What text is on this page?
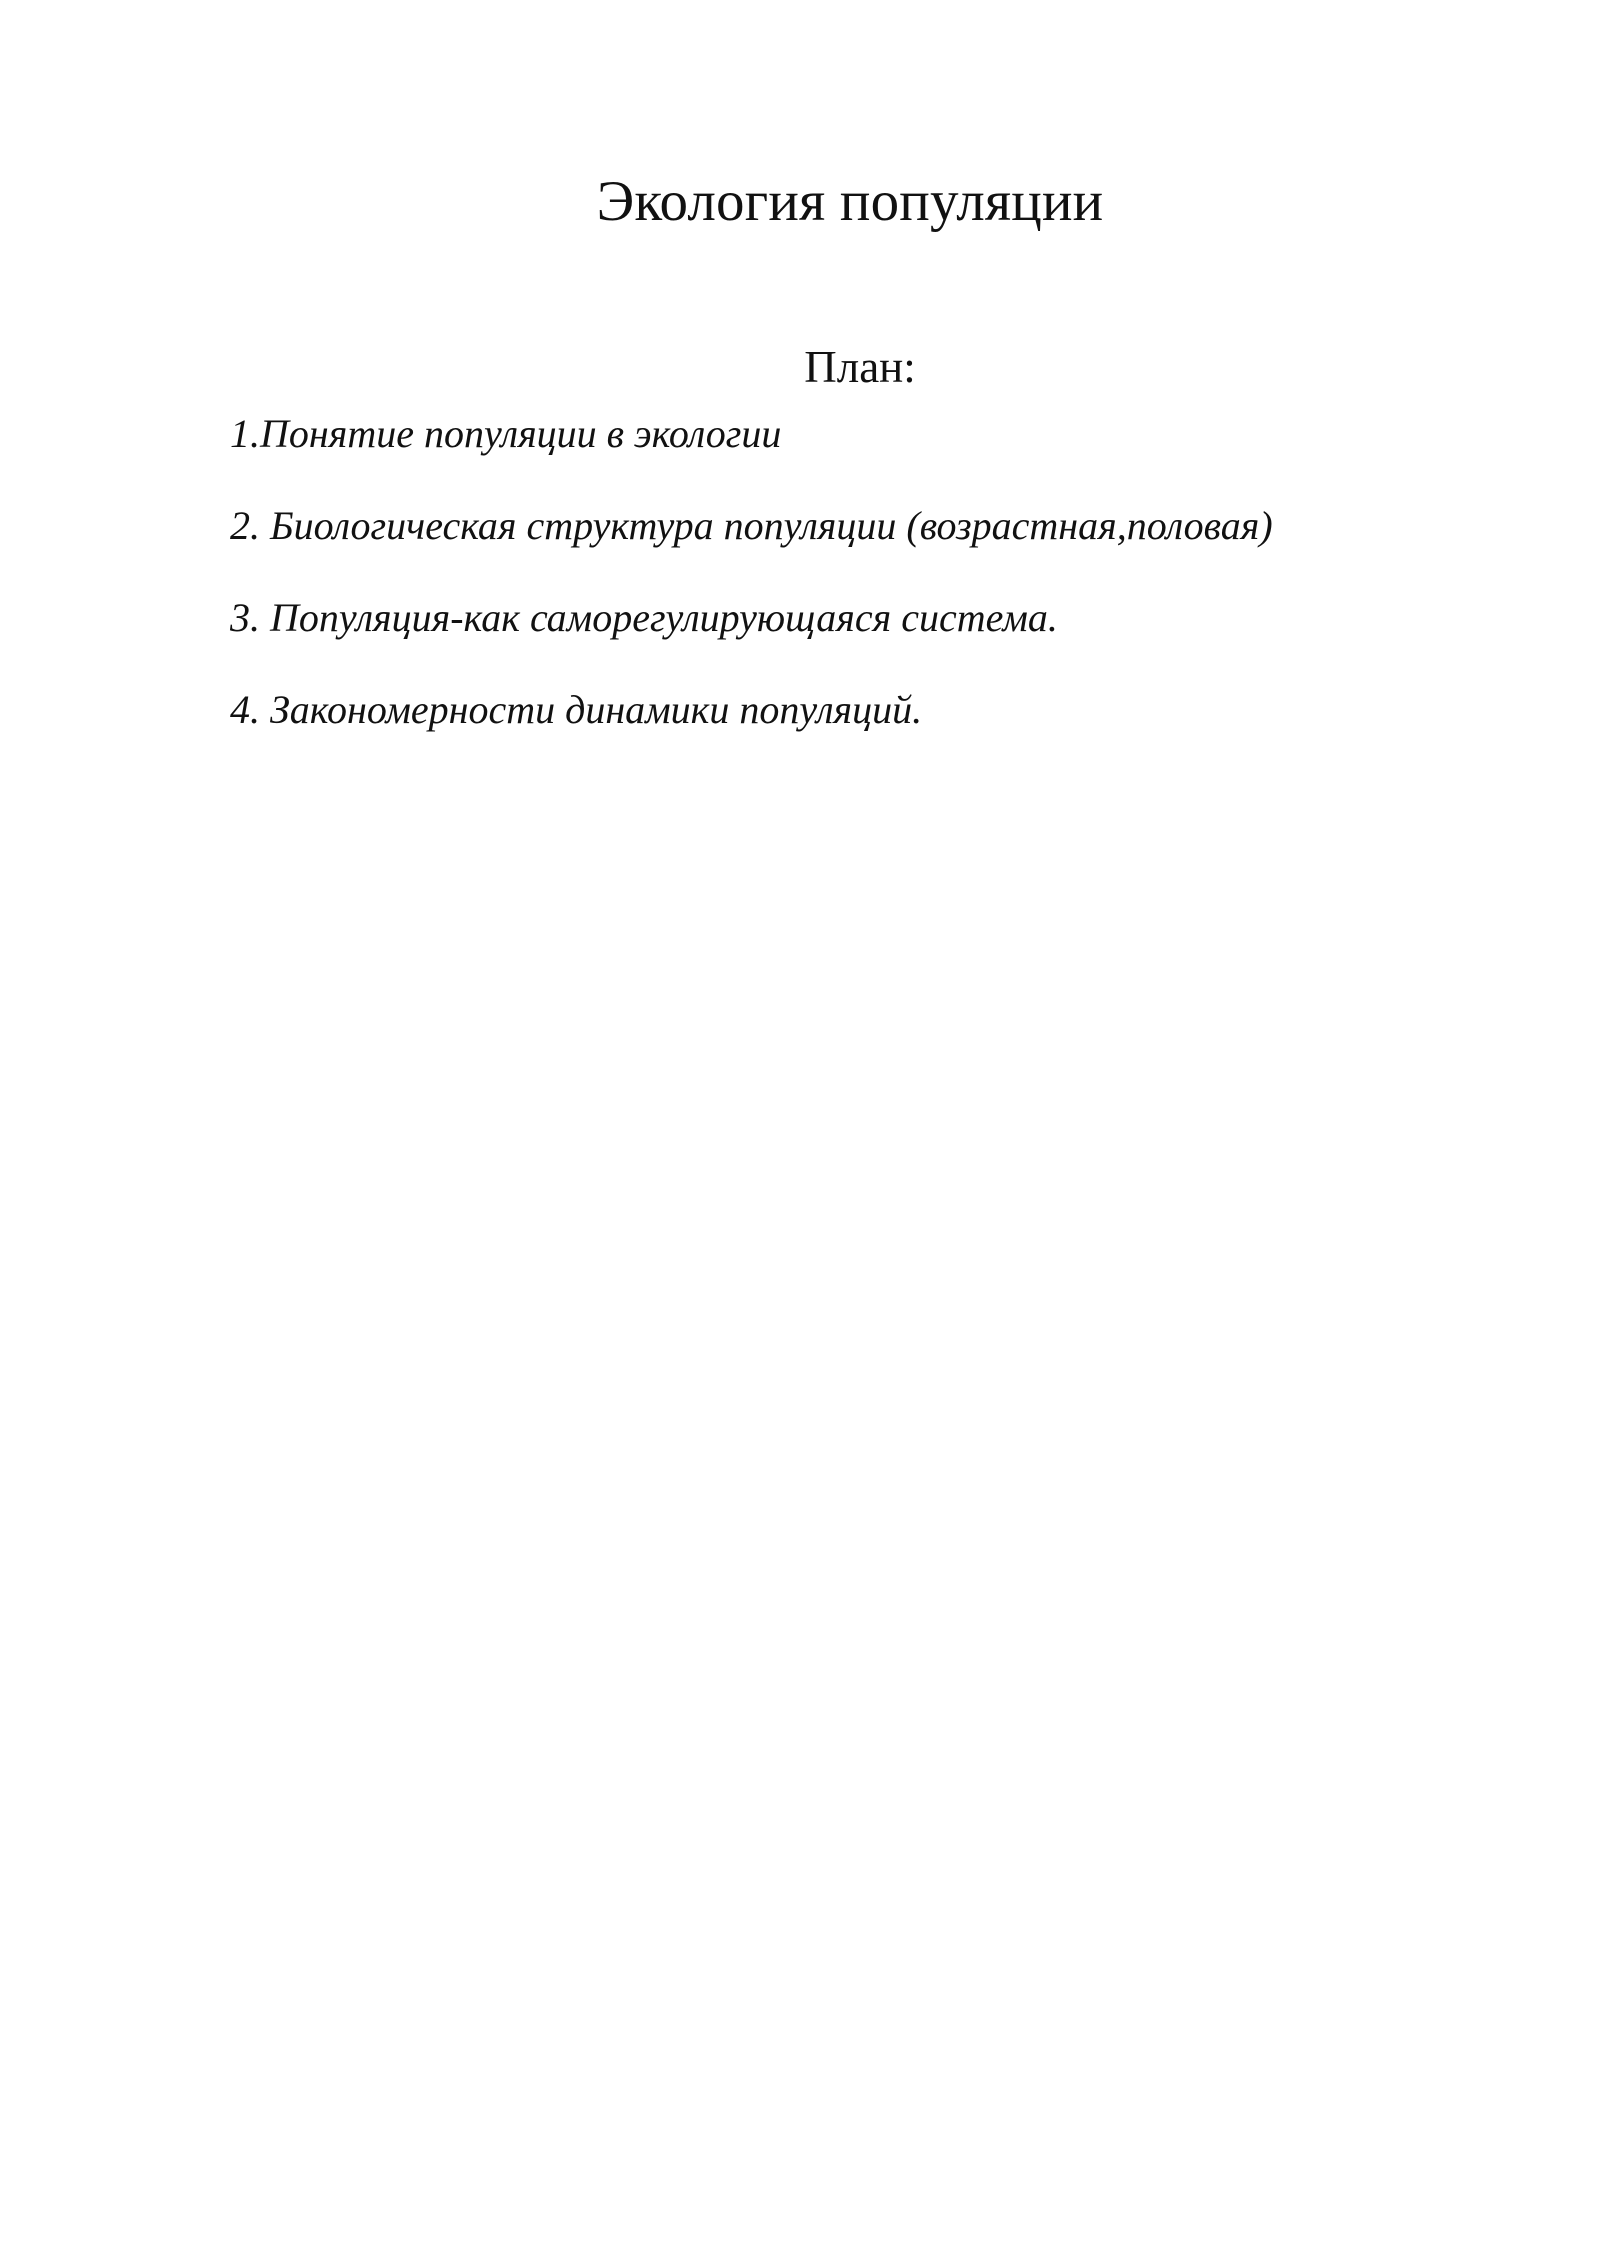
Экология популяции
План:
1.Понятие популяции в экологии
2. Биологическая структура популяции (возрастная,половая)
3. Популяция-как саморегулирующаяся система.
4. Закономерности динамики популяций.
